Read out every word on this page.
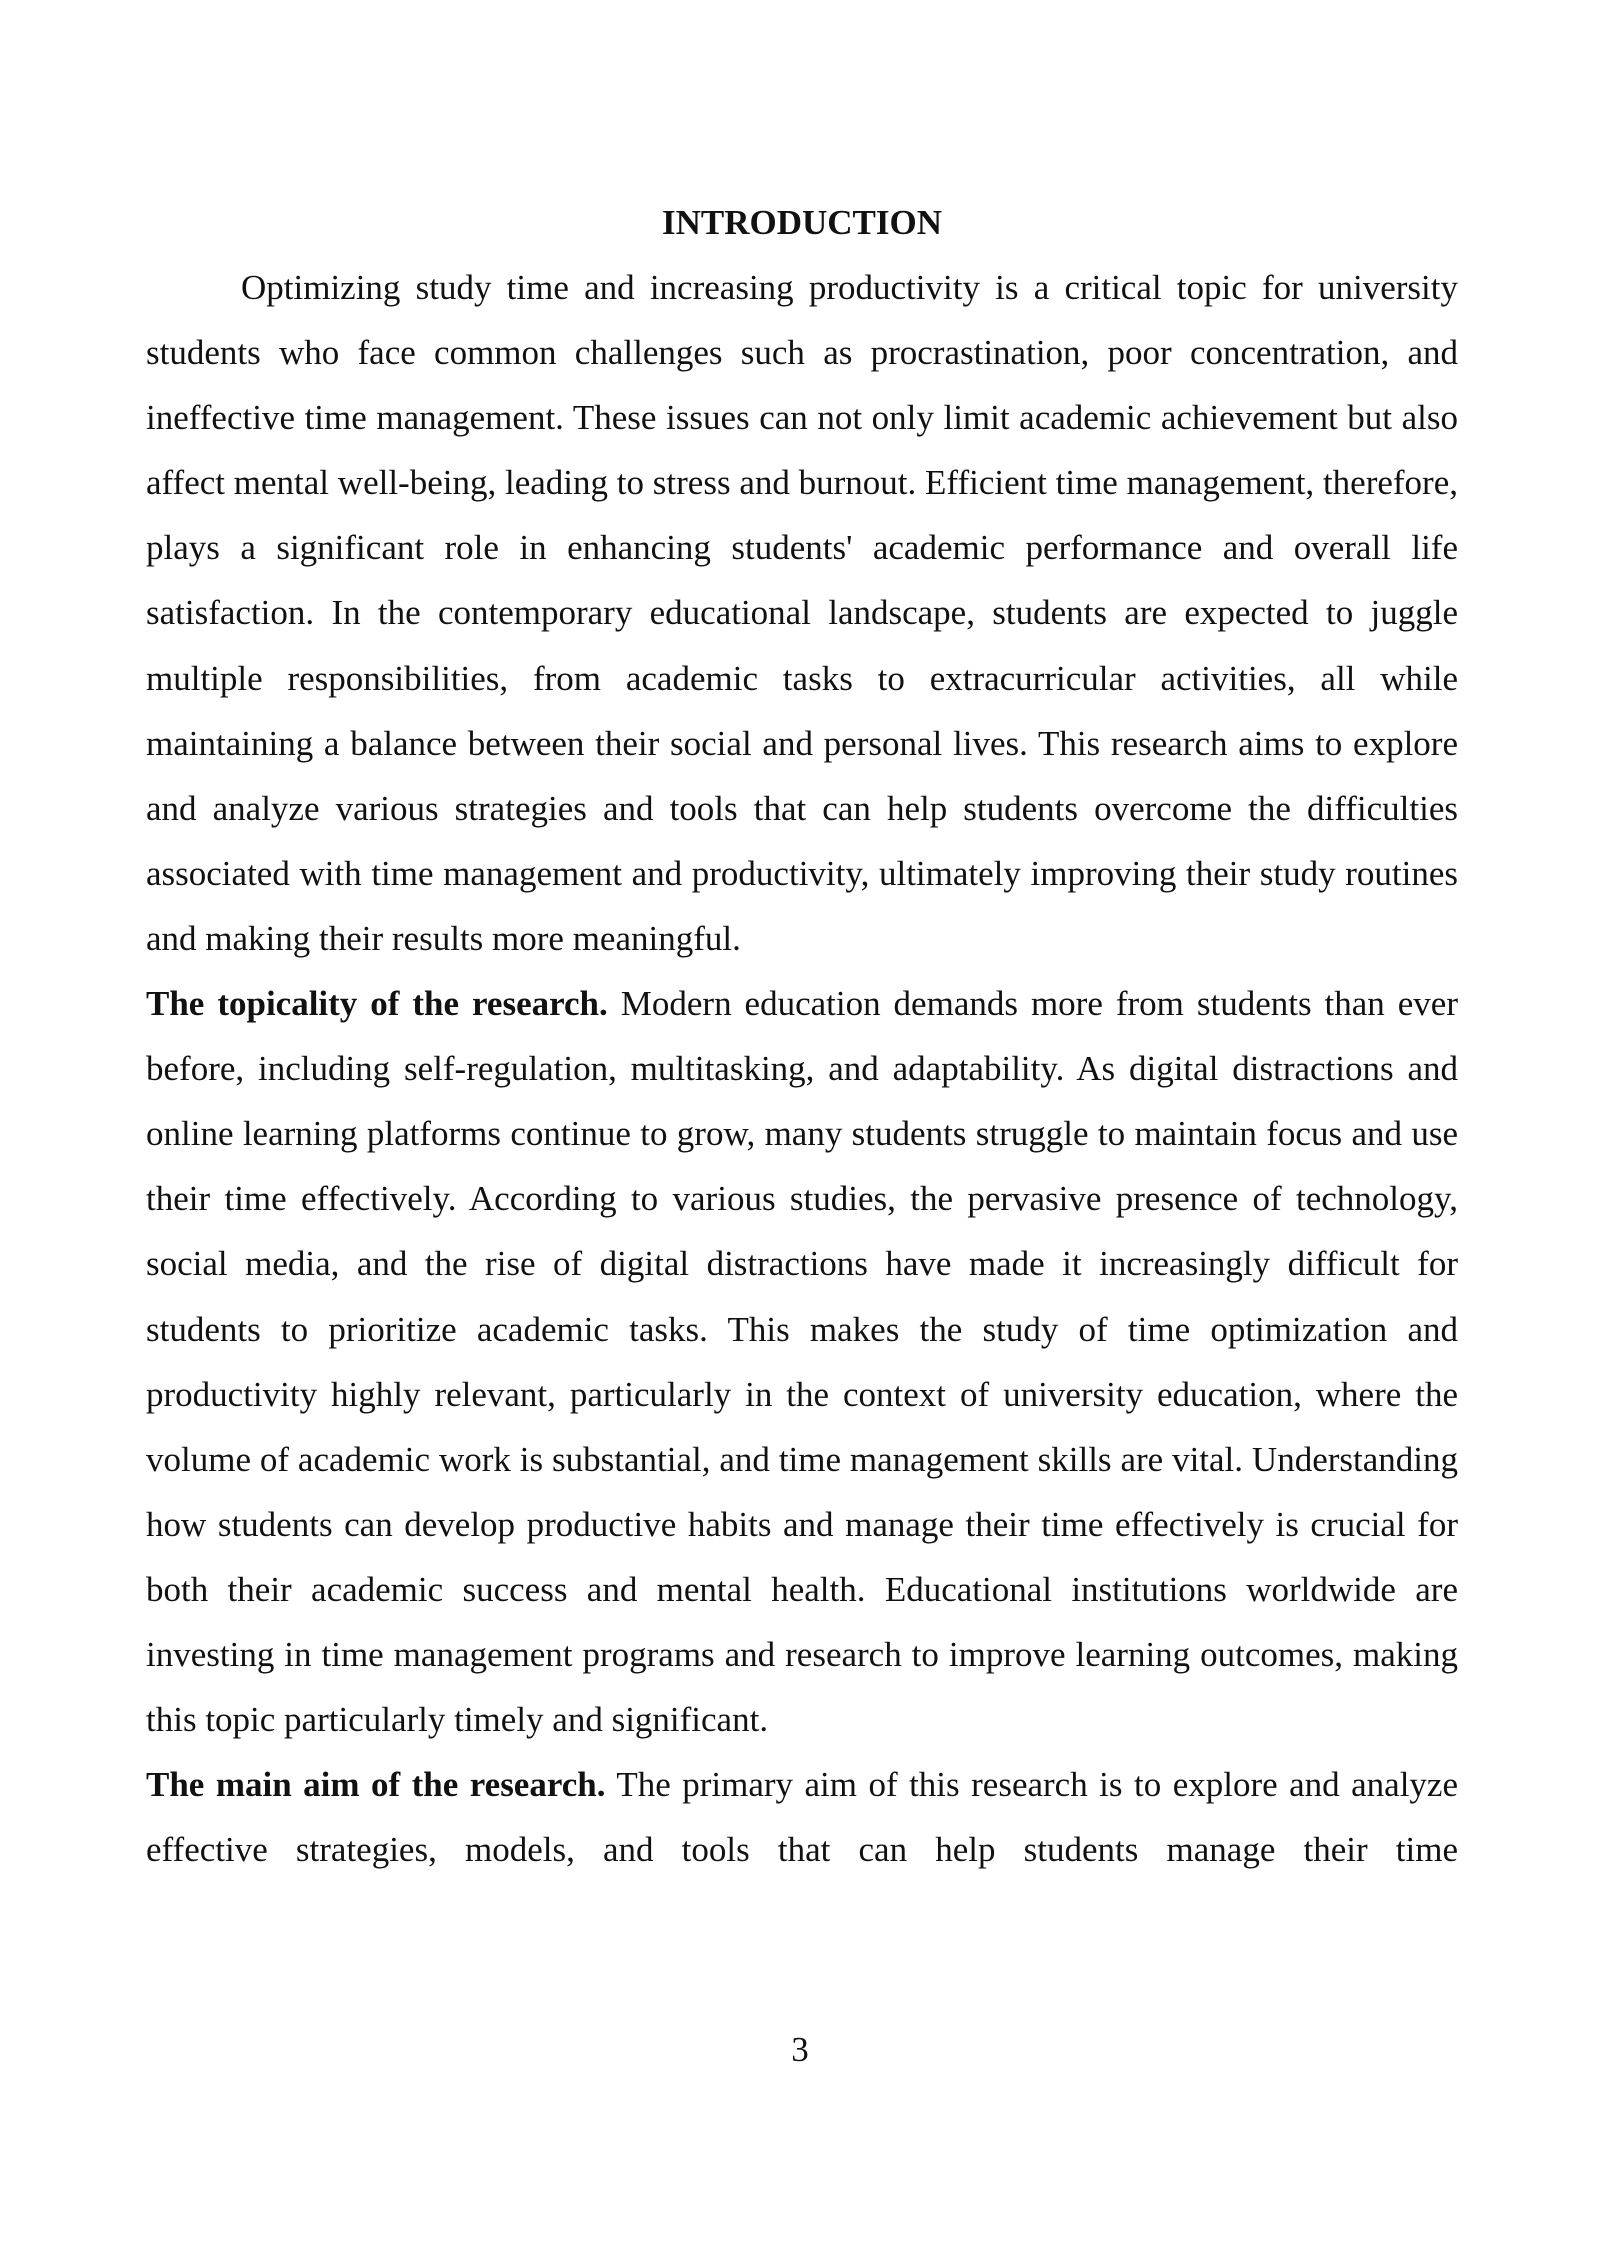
INTRODUCTION

Optimizing study time and increasing productivity is a critical topic for university students who face common challenges such as procrastination, poor concentration, and ineffective time management. These issues can not only limit academic achievement but also affect mental well-being, leading to stress and burnout. Efficient time management, therefore, plays a significant role in enhancing students' academic performance and overall life satisfaction. In the contemporary educational landscape, students are expected to juggle multiple responsibilities, from academic tasks to extracurricular activities, all while maintaining a balance between their social and personal lives. This research aims to explore and analyze various strategies and tools that can help students overcome the difficulties associated with time management and productivity, ultimately improving their study routines and making their results more meaningful.

The topicality of the research. Modern education demands more from students than ever before, including self-regulation, multitasking, and adaptability. As digital distractions and online learning platforms continue to grow, many students struggle to maintain focus and use their time effectively. According to various studies, the pervasive presence of technology, social media, and the rise of digital distractions have made it increasingly difficult for students to prioritize academic tasks. This makes the study of time optimization and productivity highly relevant, particularly in the context of university education, where the volume of academic work is substantial, and time management skills are vital. Understanding how students can develop productive habits and manage their time effectively is crucial for both their academic success and mental health. Educational institutions worldwide are investing in time management programs and research to improve learning outcomes, making this topic particularly timely and significant.

The main aim of the research. The primary aim of this research is to explore and analyze effective strategies, models, and tools that can help students manage their time

3
